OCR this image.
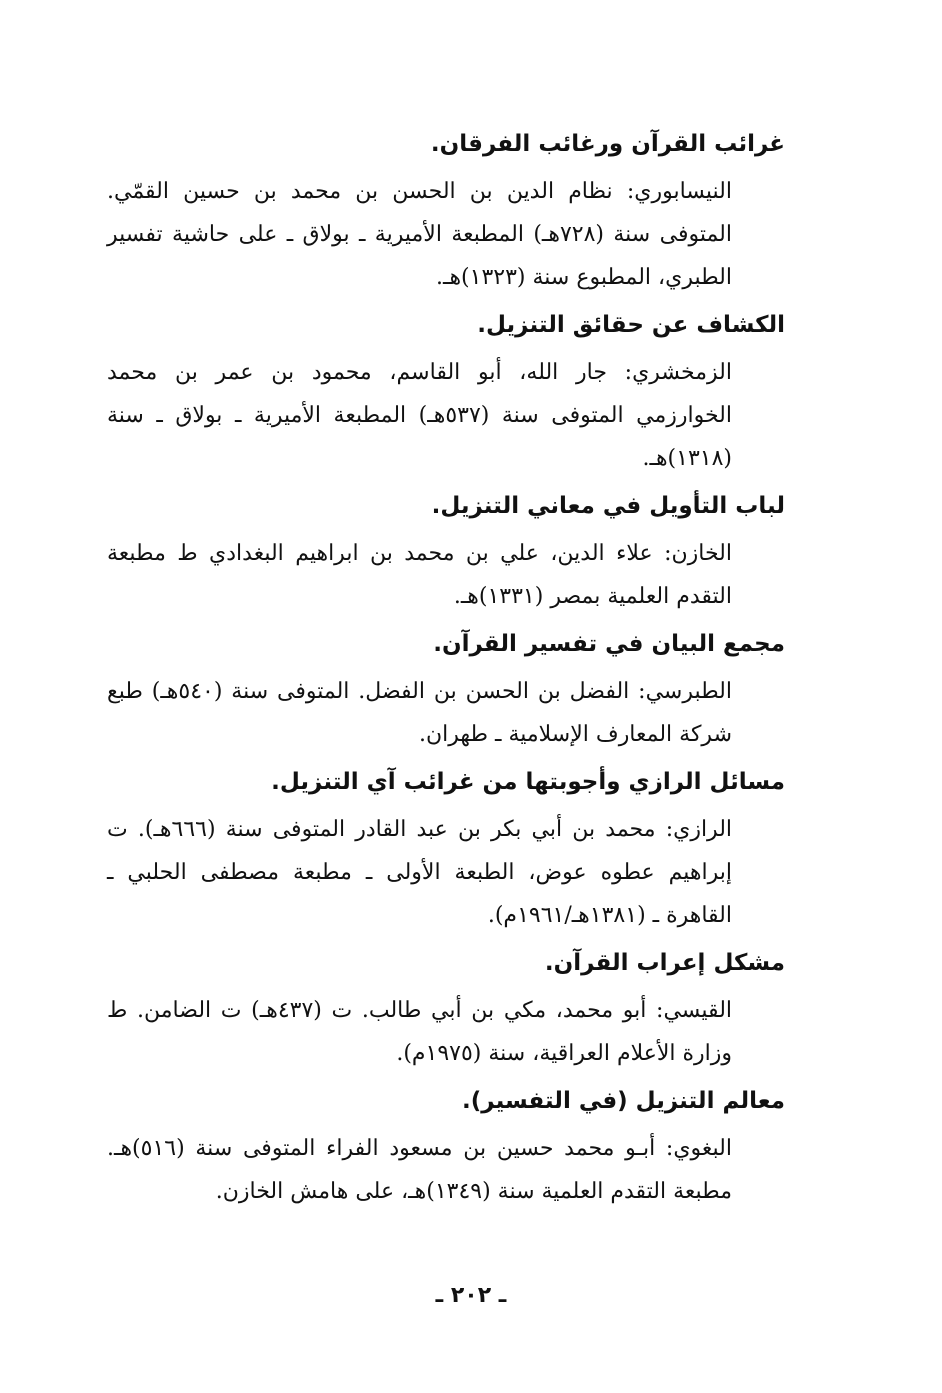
غرائب القرآن ورغائب الفرقان.

النيسابوري: نظام الدين بن الحسن بن محمد بن حسين القمّي. المتوفى سنة (٧٢٨هـ) المطبعة الأميرية ـ بولاق ـ على حاشية تفسير الطبري، المطبوع سنة (١٣٢٣)هـ.

الكشاف عن حقائق التنزيل.

الزمخشري: جار الله، أبو القاسم، محمود بن عمر بن محمد الخوارزمي المتوفى سنة (٥٣٧هـ) المطبعة الأميرية ـ بولاق ـ سنة (١٣١٨)هـ.

لباب التأويل في معاني التنزيل.

الخازن: علاء الدين، علي بن محمد بن ابراهيم البغدادي ط مطبعة التقدم العلمية بمصر (١٣٣١)هـ.

مجمع البيان في تفسير القرآن.

الطبرسي: الفضل بن الحسن بن الفضل. المتوفى سنة (٥٤٠هـ) طبع شركة المعارف الإسلامية ـ طهران.

مسائل الرازي وأجوبتها من غرائب آي التنزيل.

الرازي: محمد بن أبي بكر بن عبد القادر المتوفى سنة (٦٦٦هـ). ت إبراهيم عطوه عوض، الطبعة الأولى ـ مطبعة مصطفى الحلبي ـ القاهرة ـ (١٣٨١هـ/١٩٦١م).

مشكل إعراب القرآن.

القيسي: أبو محمد، مكي بن أبي طالب. ت (٤٣٧هـ) ت الضامن. ط وزارة الأعلام العراقية، سنة (١٩٧٥م).

معالم التنزيل (في التفسير).

البغوي: أبـو محمد حسين بن مسعود الفراء المتوفى سنة (٥١٦)هـ. مطبعة التقدم العلمية سنة (١٣٤٩)هـ، على هامش الخازن.

ـ ٢٠٢ ـ
